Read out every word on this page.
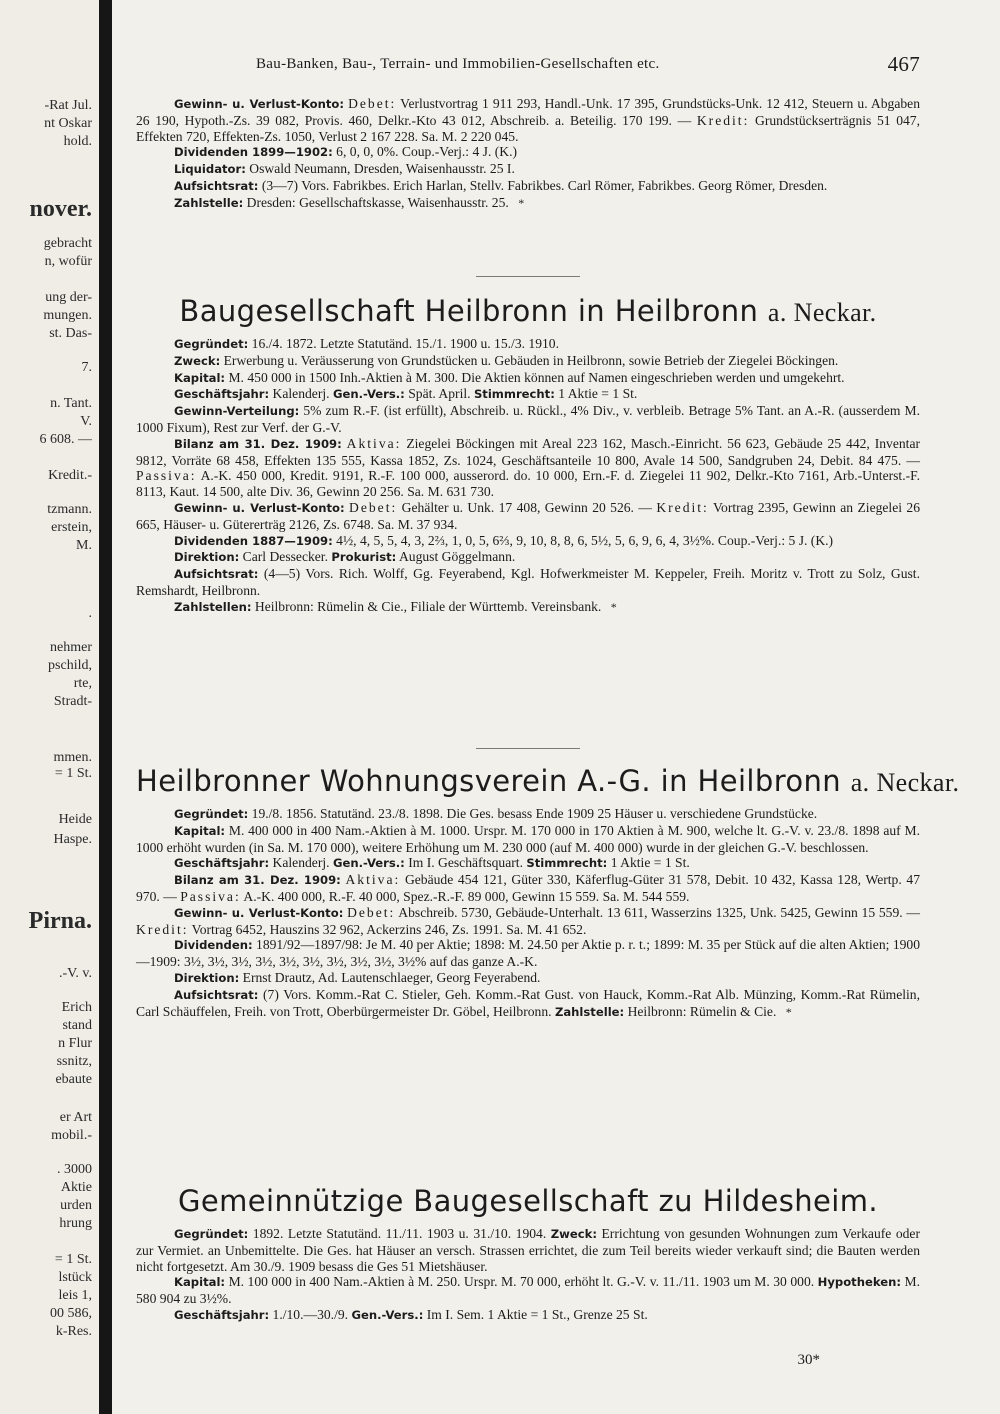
-Rat Jul.
nt Oskar
hold.
nover.
gebracht
n, wofür
ung der-
mungen.
st. Das-
7.
n. Tant.
V.
6 608. —
Kredit.-
tzmann.
erstein,
M.
.
nehmer
pschild,
rte,
Stradt-
mmen.
= 1 St.
Heide
Haspe.
Pirna.
.-V. v.
Erich
stand
n Flur
ssnitz,
ebaute
er Art
mobil.-
. 3000
Aktie
urden
hrung
= 1 St.
lstück
leis 1,
00 586,
k-Res.
Bau-Banken, Bau-, Terrain- und Immobilien-Gesellschaften etc.	467

Gewinn- u. Verlust-Konto: Debet: Verlustvortrag 1 911 293, Handl.-Unk. 17 395, Grundstücks-Unk. 12 412, Steuern u. Abgaben 26 190, Hypoth.-Zs. 39 082, Provis. 460, Delkr.-Kto 43 012, Abschreib. a. Beteilig. 170 199. — Kredit: Grundstückserträgnis 51 047, Effekten 720, Effekten-Zs. 1050, Verlust 2 167 228. Sa. M. 2 220 045.

Dividenden 1899—1902: 6, 0, 0, 0%. Coup.-Verj.: 4 J. (K.)

Liquidator: Oswald Neumann, Dresden, Waisenhausstr. 25 I.

Aufsichtsrat: (3—7) Vors. Fabrikbes. Erich Harlan, Stellv. Fabrikbes. Carl Römer, Fabrikbes. Georg Römer, Dresden.

Zahlstelle: Dresden: Gesellschaftskasse, Waisenhausstr. 25. *

Baugesellschaft Heilbronn in Heilbronn a. Neckar.

Gegründet: 16./4. 1872. Letzte Statutänd. 15./1. 1900 u. 15./3. 1910.

Zweck: Erwerbung u. Veräusserung von Grundstücken u. Gebäuden in Heilbronn, sowie Betrieb der Ziegelei Böckingen.

Kapital: M. 450 000 in 1500 Inh.-Aktien à M. 300. Die Aktien können auf Namen eingeschrieben werden und umgekehrt.

Geschäftsjahr: Kalenderj. Gen.-Vers.: Spät. April. Stimmrecht: 1 Aktie = 1 St.

Gewinn-Verteilung: 5% zum R.-F. (ist erfüllt), Abschreib. u. Rückl., 4% Div., v. verbleib. Betrage 5% Tant. an A.-R. (ausserdem M. 1000 Fixum), Rest zur Verf. der G.-V.

Bilanz am 31. Dez. 1909: Aktiva: Ziegelei Böckingen mit Areal 223 162, Masch.-Einricht. 56 623, Gebäude 25 442, Inventar 9812, Vorräte 68 458, Effekten 135 555, Kassa 1852, Zs. 1024, Geschäftsanteile 10 800, Avale 14 500, Sandgruben 24, Debit. 84 475. — Passiva: A.-K. 450 000, Kredit. 9191, R.-F. 100 000, ausserord. do. 10 000, Ern.-F. d. Ziegelei 11 902, Delkr.-Kto 7161, Arb.-Unterst.-F. 8113, Kaut. 14 500, alte Div. 36, Gewinn 20 256. Sa. M. 631 730.

Gewinn- u. Verlust-Konto: Debet: Gehälter u. Unk. 17 408, Gewinn 20 526. — Kredit: Vortrag 2395, Gewinn an Ziegelei 26 665, Häuser- u. Gütererträg 2126, Zs. 6748. Sa. M. 37 934.

Dividenden 1887—1909: 4½, 4, 5, 5, 4, 3, 2⅔, 1, 0, 5, 6⅔, 9, 10, 8, 8, 6, 5½, 5, 6, 9, 6, 4, 3½%. Coup.-Verj.: 5 J. (K.)

Direktion: Carl Dessecker. Prokurist: August Göggelmann.

Aufsichtsrat: (4—5) Vors. Rich. Wolff, Gg. Feyerabend, Kgl. Hofwerkmeister M. Keppeler, Freih. Moritz v. Trott zu Solz, Gust. Remshardt, Heilbronn.

Zahlstellen: Heilbronn: Rümelin & Cie., Filiale der Württemb. Vereinsbank. *

Heilbronner Wohnungsverein A.-G. in Heilbronn a. Neckar.

Gegründet: 19./8. 1856. Statutänd. 23./8. 1898. Die Ges. besass Ende 1909 25 Häuser u. verschiedene Grundstücke.

Kapital: M. 400 000 in 400 Nam.-Aktien à M. 1000. Urspr. M. 170 000 in 170 Aktien à M. 900, welche lt. G.-V. v. 23./8. 1898 auf M. 1000 erhöht wurden (in Sa. M. 170 000), weitere Erhöhung um M. 230 000 (auf M. 400 000) wurde in der gleichen G.-V. beschlossen.

Geschäftsjahr: Kalenderj. Gen.-Vers.: Im I. Geschäftsquart. Stimmrecht: 1 Aktie = 1 St.

Bilanz am 31. Dez. 1909: Aktiva: Gebäude 454 121, Güter 330, Käferflug-Güter 31 578, Debit. 10 432, Kassa 128, Wertp. 47 970. — Passiva: A.-K. 400 000, R.-F. 40 000, Spez.-R.-F. 89 000, Gewinn 15 559. Sa. M. 544 559.

Gewinn- u. Verlust-Konto: Debet: Abschreib. 5730, Gebäude-Unterhalt. 13 611, Wasserzins 1325, Unk. 5425, Gewinn 15 559. — Kredit: Vortrag 6452, Hauszins 32 962, Ackerzins 246, Zs. 1991. Sa. M. 41 652.

Dividenden: 1891/92—1897/98: Je M. 40 per Aktie; 1898: M. 24.50 per Aktie p. r. t.; 1899: M. 35 per Stück auf die alten Aktien; 1900—1909: 3½, 3½, 3½, 3½, 3½, 3½, 3½, 3½, 3½, 3½% auf das ganze A.-K.

Direktion: Ernst Drautz, Ad. Lautenschlaeger, Georg Feyerabend.

Aufsichtsrat: (7) Vors. Komm.-Rat C. Stieler, Geh. Komm.-Rat Gust. von Hauck, Komm.-Rat Alb. Münzing, Komm.-Rat Rümelin, Carl Schäuffelen, Freih. von Trott, Oberbürgermeister Dr. Göbel, Heilbronn. Zahlstelle: Heilbronn: Rümelin & Cie. *

Gemeinnützige Baugesellschaft zu Hildesheim.

Gegründet: 1892. Letzte Statutänd. 11./11. 1903 u. 31./10. 1904. Zweck: Errichtung von gesunden Wohnungen zum Verkaufe oder zur Vermiet. an Unbemittelte. Die Ges. hat Häuser an versch. Strassen errichtet, die zum Teil bereits wieder verkauft sind; die Bauten werden nicht fortgesetzt. Am 30./9. 1909 besass die Ges 51 Mietshäuser.

Kapital: M. 100 000 in 400 Nam.-Aktien à M. 250. Urspr. M. 70 000, erhöht lt. G.-V. v. 11./11. 1903 um M. 30 000. Hypotheken: M. 580 904 zu 3½%.

Geschäftsjahr: 1./10.—30./9. Gen.-Vers.: Im I. Sem. 1 Aktie = 1 St., Grenze 25 St.

30*
